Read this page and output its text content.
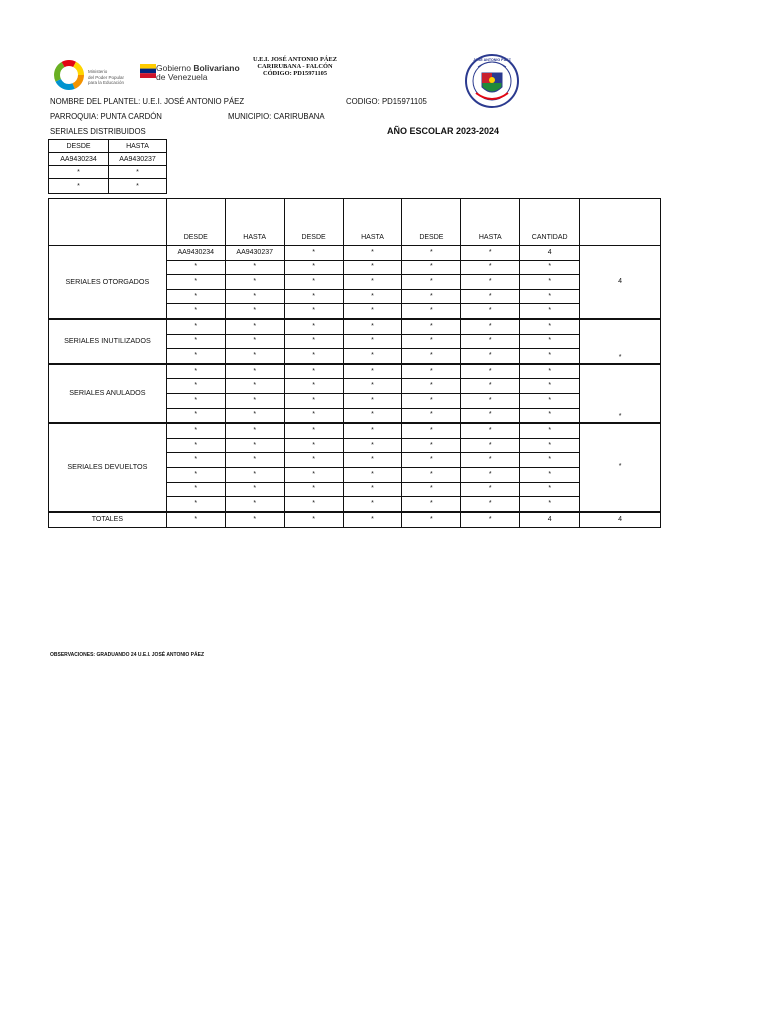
Ministerio
del Poder Popular
para la Educación
Gobierno Bolivariano
de Venezuela
U.E.I. JOSÉ ANTONIO PÁEZ
CARIRUBANA - FALCÓN
CÓDIGO: PD15971105
JOSÉ ANTONIO PÁEZ
NOMBRE DEL PLANTEL: U.E.I. JOSÉ ANTONIO PÁEZ	CODIGO: PD15971105
PARROQUIA: PUNTA CARDÓN	MUNICIPIO: CARIRUBANA
AÑO ESCOLAR 2023-2024
SERIALES DISTRIBUIDOS
DESDE	HASTA
AA9430234	AA9430237
*	*
*	*
	DESDE	HASTA	DESDE	HASTA	DESDE	HASTA	CANTIDAD	
SERIALES OTORGADOS	AA9430234	AA9430237	*	*	*	*	4	4
	*	*	*	*	*	*	*	
	*	*	*	*	*	*	*	
	*	*	*	*	*	*	*	
	*	*	*	*	*	*	*	
SERIALES INUTILIZADOS	*	*	*	*	*	*	*	*
	*	*	*	*	*	*	*	
	*	*	*	*	*	*	*	
SERIALES ANULADOS	*	*	*	*	*	*	*	*
	*	*	*	*	*	*	*	
	*	*	*	*	*	*	*	
	*	*	*	*	*	*	*	
SERIALES DEVUELTOS	*	*	*	*	*	*	*	*
	*	*	*	*	*	*	*	
	*	*	*	*	*	*	*	
	*	*	*	*	*	*	*	
	*	*	*	*	*	*	*	
	*	*	*	*	*	*	*	
TOTALES	*	*	*	*	*	*	4	4
OBSERVACIONES: GRADUANDO 24 U.E.I. JOSÉ ANTONIO PÁEZ
